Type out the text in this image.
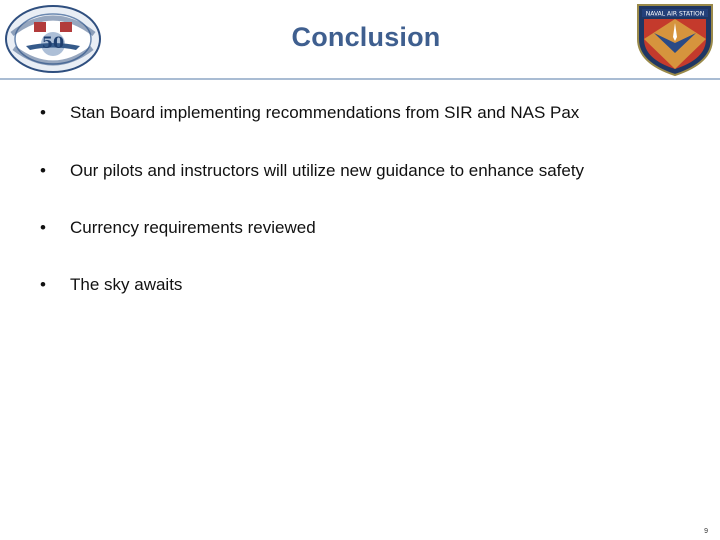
50	Conclusion
NAVAL AIR STATION
•	Stan Board implementing recommendations from SIR and NAS Pax
•	Our pilots and instructors will utilize new guidance to enhance safety
•	Currency requirements reviewed
•	The sky awaits
9
